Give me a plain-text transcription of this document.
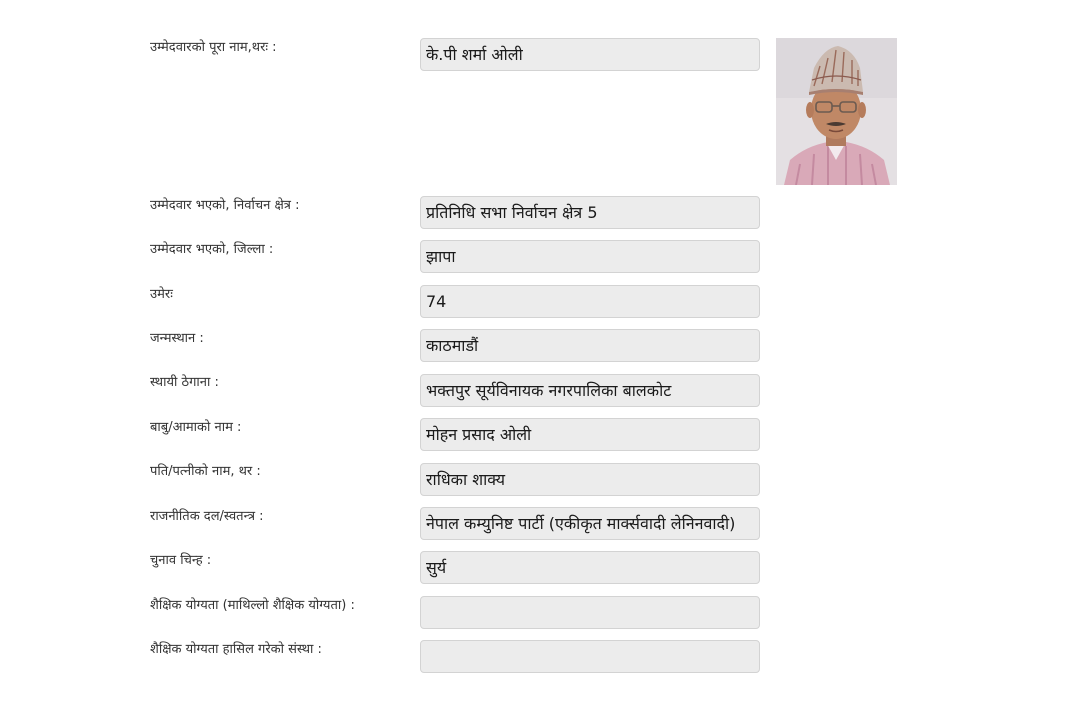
उम्मेदवारको पूरा नाम,थरः :	के.पी शर्मा ओली
उम्मेदवार भएको, निर्वाचन क्षेत्र :	प्रतिनिधि सभा निर्वाचन क्षेत्र 5
उम्मेदवार भएको, जिल्ला :	झापा
उमेरः	74
जन्मस्थान :	काठमाडौं
स्थायी ठेगाना :	भक्तपुर सूर्यविनायक नगरपालिका बालकोट
बाबु/आमाको नाम :	मोहन प्रसाद ओली
पति/पत्नीको नाम, थर :	राधिका शाक्य
राजनीतिक दल/स्वतन्त्र :	नेपाल कम्युनिष्ट पार्टी (एकीकृत मार्क्सवादी लेनिनवादी)
चुनाव चिन्ह :	सुर्य
शैक्षिक योग्यता (माथिल्लो शैक्षिक योग्यता) :
शैक्षिक योग्यता हासिल गरेको संस्था :
